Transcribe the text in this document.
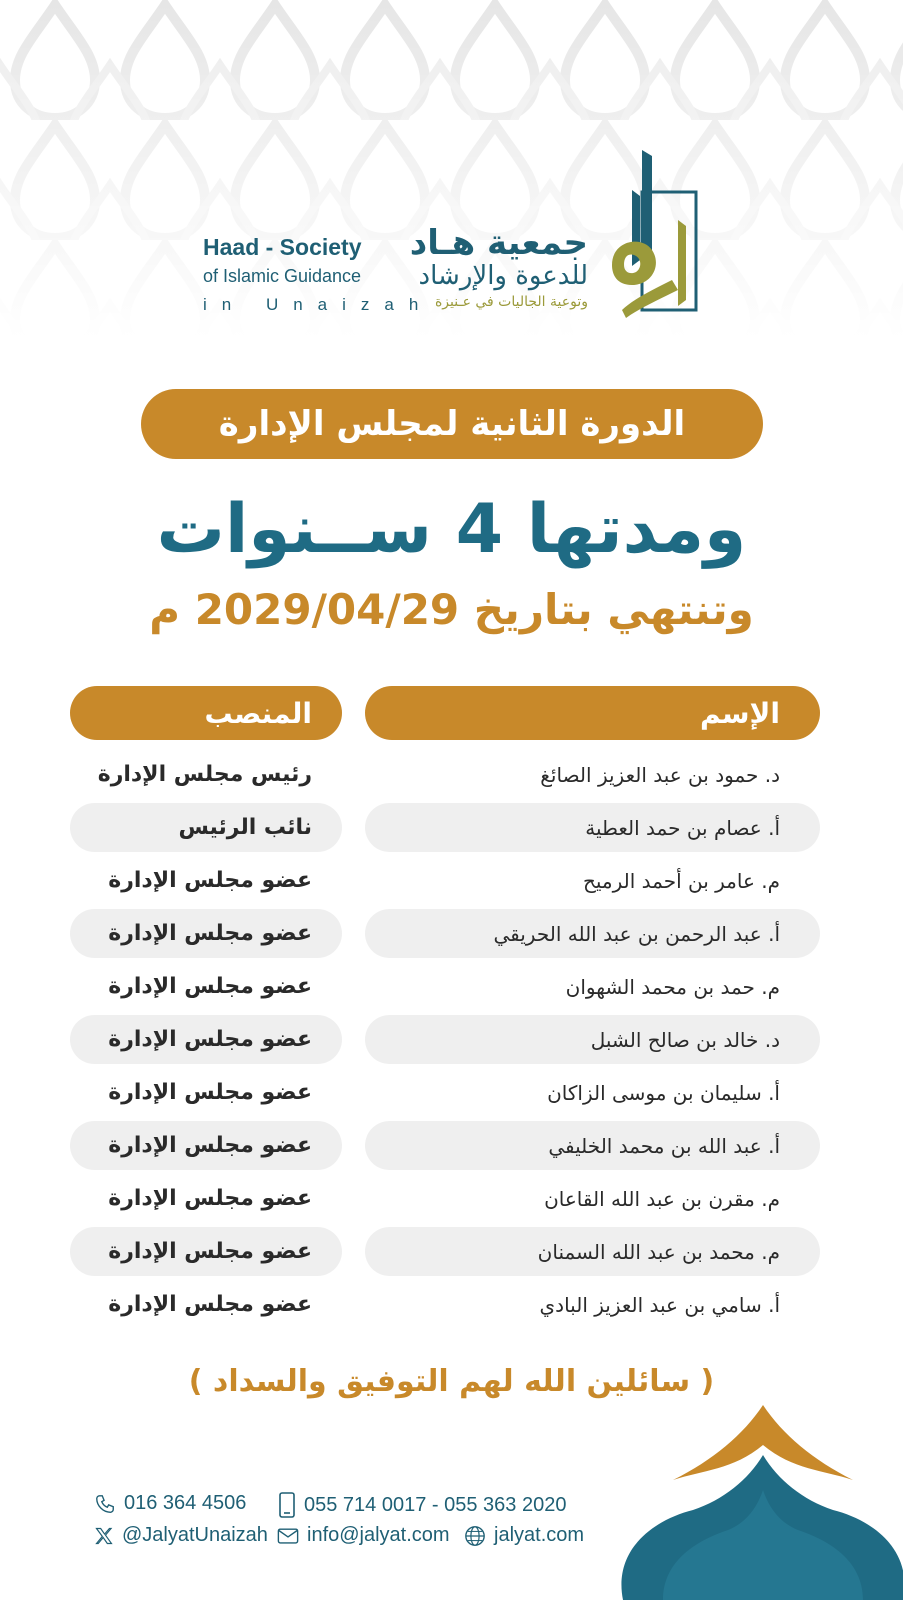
جمعية هـاد
للدعوة والإرشاد
وتوعية الجاليات في عـنيزة
Haad - Society
of Islamic Guidance
in Unaizah
الدورة الثانية لمجلس الإدارة
ومدتها 4 ســنوات
وتنتهي بتاريخ 2029/04/29 م
الإسم
المنصب
د. حمود بن عبد العزيز الصائغ
رئيس مجلس الإدارة
أ. عصام بن حمد العطية
نائب الرئيس
م. عامر بن أحمد الرميح
عضو مجلس الإدارة
أ. عبد الرحمن بن عبد الله الحريقي
عضو مجلس الإدارة
م. حمد بن محمد الشهوان
عضو مجلس الإدارة
د. خالد بن صالح الشبل
عضو مجلس الإدارة
أ. سليمان بن موسى الزاكان
عضو مجلس الإدارة
أ. عبد الله بن محمد الخليفي
عضو مجلس الإدارة
م. مقرن بن عبد الله القاعان
عضو مجلس الإدارة
م. محمد بن عبد الله السمنان
عضو مجلس الإدارة
أ. سامي بن عبد العزيز البادي
عضو مجلس الإدارة
( سائلين الله لهم التوفيق والسداد )
016 364 4506	055 714 0017 - 055 363 2020
@JalyatUnaizah info@jalyat.com jalyat.com
